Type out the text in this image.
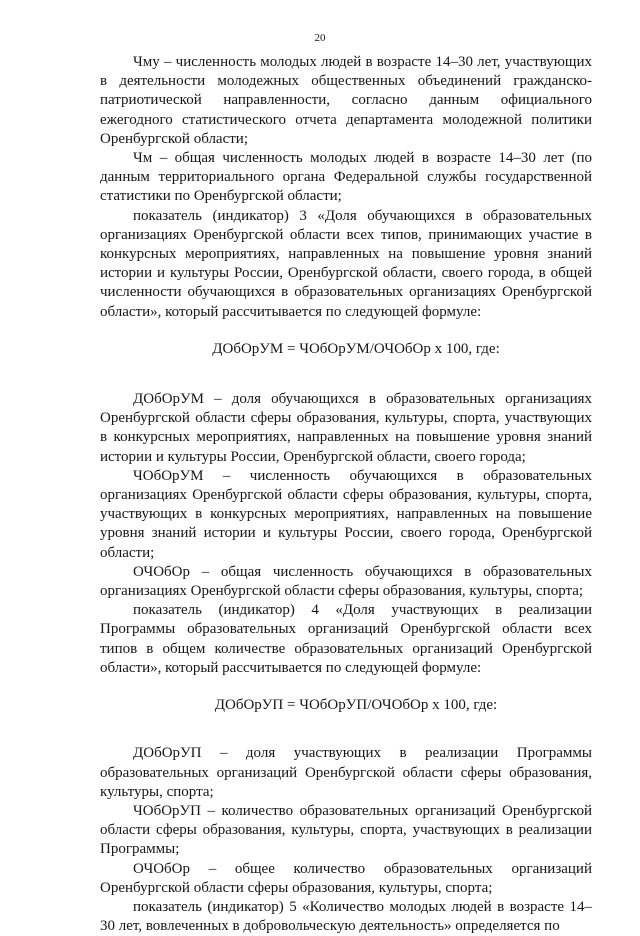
20

Чму – численность молодых людей в возрасте 14–30 лет, участвующих в деятельности молодежных общественных объединений гражданско-патриотической направленности, согласно данным официального ежегодного статистического отчета департамента молодежной политики Оренбургской области;

Чм – общая численность молодых людей в возрасте 14–30 лет (по данным территориального органа Федеральной службы государственной статистики по Оренбургской области;

показатель (индикатор) 3 «Доля обучающихся в образовательных организациях Оренбургской области всех типов, принимающих участие в конкурсных мероприятиях, направленных на повышение уровня знаний истории и культуры России, Оренбургской области, своего города, в общей численности обучающихся в образовательных организациях Оренбургской области», который рассчитывается по следующей формуле:

ДОбОрУМ = ЧОбОрУМ/ОЧОбОр х 100, где:

ДОбОрУМ – доля обучающихся в образовательных организациях Оренбургской области сферы образования, культуры, спорта, участвующих в конкурсных мероприятиях, направленных на повышение уровня знаний истории и культуры России, Оренбургской области, своего города;

ЧОбОрУМ – численность обучающихся в образовательных организациях Оренбургской области сферы образования, культуры, спорта, участвующих в конкурсных мероприятиях, направленных на повышение уровня знаний истории и культуры России, своего города, Оренбургской области;

ОЧОбОр – общая численность обучающихся в образовательных организациях Оренбургской области сферы образования, культуры, спорта;

показатель (индикатор) 4 «Доля участвующих в реализации Программы образовательных организаций Оренбургской области всех типов в общем количестве образовательных организаций Оренбургской области», который рассчитывается по следующей формуле:

ДОбОрУП = ЧОбОрУП/ОЧОбОр х 100, где:

ДОбОрУП – доля участвующих в реализации Программы образовательных организаций Оренбургской области сферы образования, культуры, спорта;

ЧОбОрУП – количество образовательных организаций Оренбургской области сферы образования, культуры, спорта, участвующих в реализации Программы;

ОЧОбОр – общее количество образовательных организаций Оренбургской области сферы образования, культуры, спорта;

показатель (индикатор) 5 «Количество молодых людей в возрасте 14–30 лет, вовлеченных в добровольческую деятельность» определяется по
